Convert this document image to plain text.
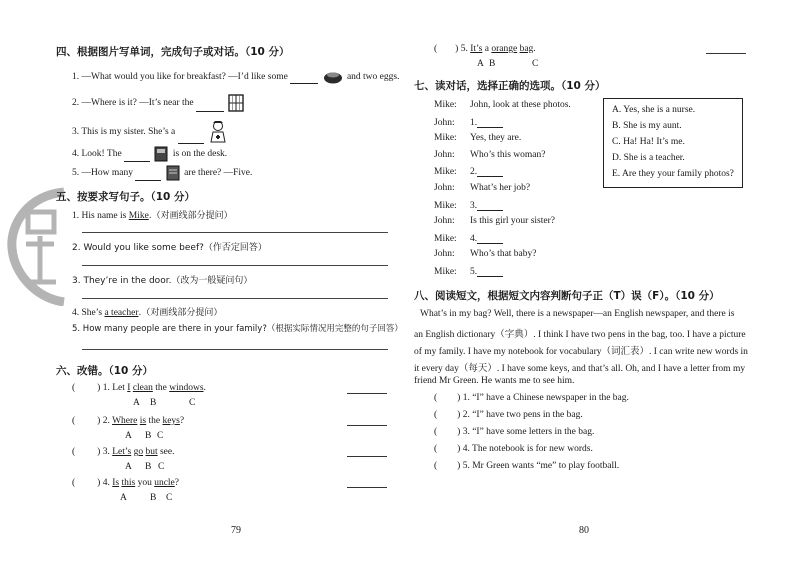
四、根据图片写单词，完成句子或对话。（10 分）
1. —What would you like for breakfast? —I’d like some	and two eggs.
2. —Where is it? —It’s near the
3. This is my sister. She’s a
4. Look! The	is on the desk.
5. —How many	are there? —Five.
五、按要求写句子。（10 分）
1. His name is Mike.（对画线部分提问）
2. Would you like some beef?（作否定回答）
3. They’re in the door.（改为一般疑问句）
4. She’s a teacher.（对画线部分提问）
5. How many people are there in your family?（根据实际情况用完整的句子回答）
六、改错。（10 分）
( ) 1. Let I clean the windows.
A B	C
( ) 2. Where is the keys?
A B C
( ) 3. Let’s go but see.
A B C
( ) 4. Is this you uncle?
A B C
79
( ) 5. It’s a orange bag.
A B	C
七、读对话，选择正确的选项。（10 分）
Mike: John, look at these photos.
John: 1.
Mike: Yes, they are.
John: Who’s this woman?
Mike: 2.
John: What’s her job?
Mike: 3.
John: Is this girl your sister?
Mike: 4.
John: Who’s that baby?
Mike: 5.
A. Yes, she is a nurse.
B. She is my aunt.
C. Ha! Ha! It’s me.
D. She is a teacher.
E. Are they your family photos?
八、阅读短文，根据短文内容判断句子正（T）误（F）。（10 分）
What’s in my bag? Well, there is a newspaper—an English newspaper, and there is
an English dictionary（字典）. I think I have two pens in the bag, too. I have a picture
of my family. I have my notebook for vocabulary（词汇表）. I can write new words in
it every day（每天）. I have some keys, and that’s all. Oh, and I have a letter from my
friend Mr Green. He wants me to see him.
( ) 1. “I” have a Chinese newspaper in the bag.
( ) 2. “I” have two pens in the bag.
( ) 3. “I” have some letters in the bag.
( ) 4. The notebook is for new words.
( ) 5. Mr Green wants “me” to play football.
80
